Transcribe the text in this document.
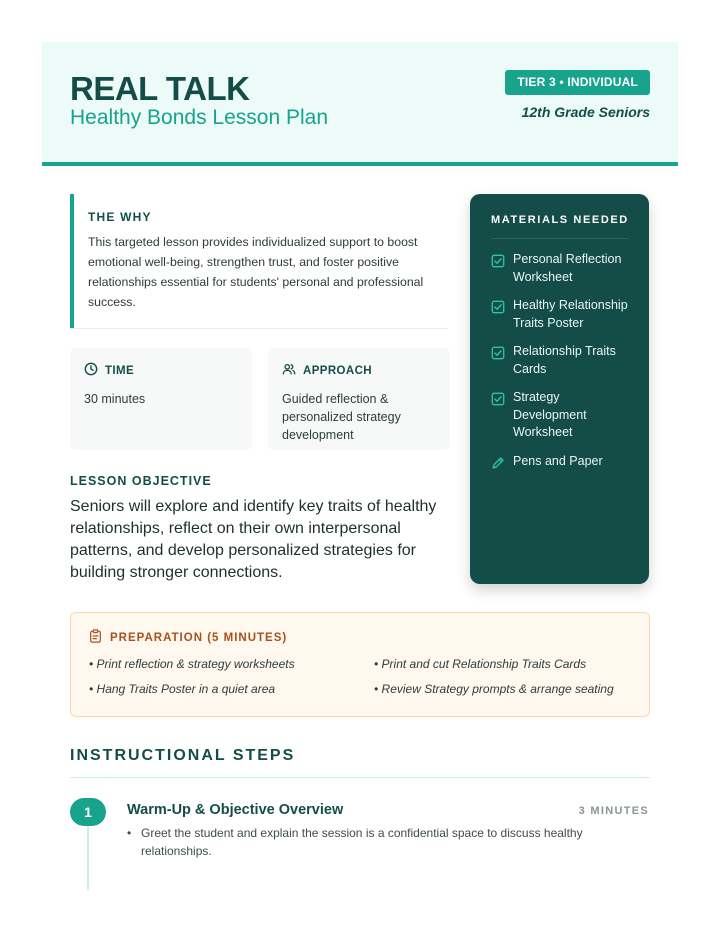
REAL TALK
Healthy Bonds Lesson Plan
TIER 3 • INDIVIDUAL
12th Grade Seniors
THE WHY

This targeted lesson provides individualized support to boost emotional well-being, strengthen trust, and foster positive relationships essential for students' personal and professional success.

TIME
30 minutes
APPROACH
Guided reflection & personalized strategy development
LESSON OBJECTIVE

Seniors will explore and identify key traits of healthy relationships, reflect on their own interpersonal patterns, and develop personalized strategies for building stronger connections.

MATERIALS NEEDED
Personal Reflection Worksheet
Healthy Relationship Traits Poster
Relationship Traits Cards
Strategy Development Worksheet
Pens and Paper
PREPARATION (5 MINUTES)
• Print reflection & strategy worksheets	• Print and cut Relationship Traits Cards
• Hang Traits Poster in a quiet area	• Review Strategy prompts & arrange seating
INSTRUCTIONAL STEPS
1	Warm-Up & Objective Overview	3 MINUTES
• Greet the student and explain the session is a confidential space to discuss healthy relationships.
